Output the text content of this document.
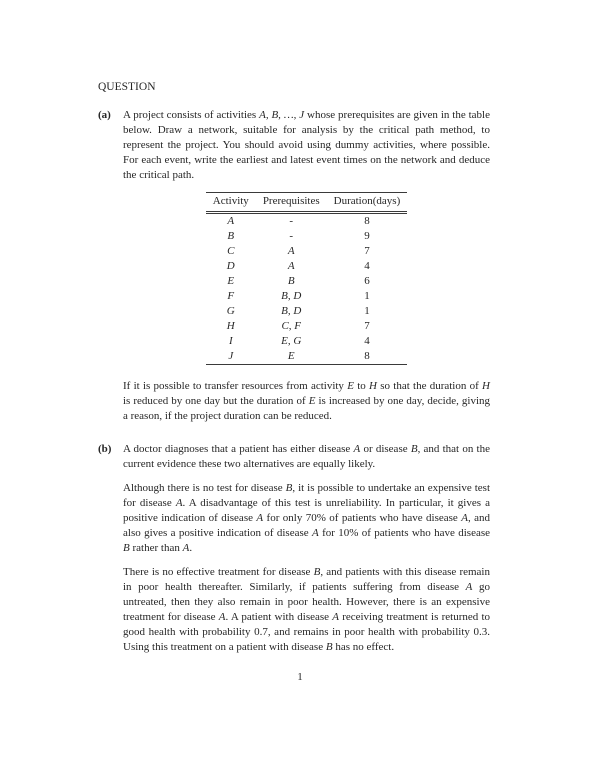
QUESTION
(a)	A project consists of activities A, B, …, J whose prerequisites are given in the table below. Draw a network, suitable for analysis by the critical path method, to represent the project. You should avoid using dummy activities, where possible. For each event, write the earliest and latest event times on the network and deduce the critical path.

Activity	Prerequisites	Duration(days)
A	-	8
B	-	9
C	A	7
D	A	4
E	B	6
F	B, D	1
G	B, D	1
H	C, F	7
I	E, G	4
J	E	8

If it is possible to transfer resources from activity E to H so that the duration of H is reduced by one day but the duration of E is increased by one day, decide, giving a reason, if the project duration can be reduced.

(b)	A doctor diagnoses that a patient has either disease A or disease B, and that on the current evidence these two alternatives are equally likely.

Although there is no test for disease B, it is possible to undertake an expensive test for disease A. A disadvantage of this test is unreliability. In particular, it gives a positive indication of disease A for only 70% of patients who have disease A, and also gives a positive indication of disease A for 10% of patients who have disease B rather than A.

There is no effective treatment for disease B, and patients with this disease remain in poor health thereafter. Similarly, if patients suffering from disease A go untreated, then they also remain in poor health. However, there is an expensive treatment for disease A. A patient with disease A receiving treatment is returned to good health with probability 0.7, and remains in poor health with probability 0.3. Using this treatment on a patient with disease B has no effect.

1
